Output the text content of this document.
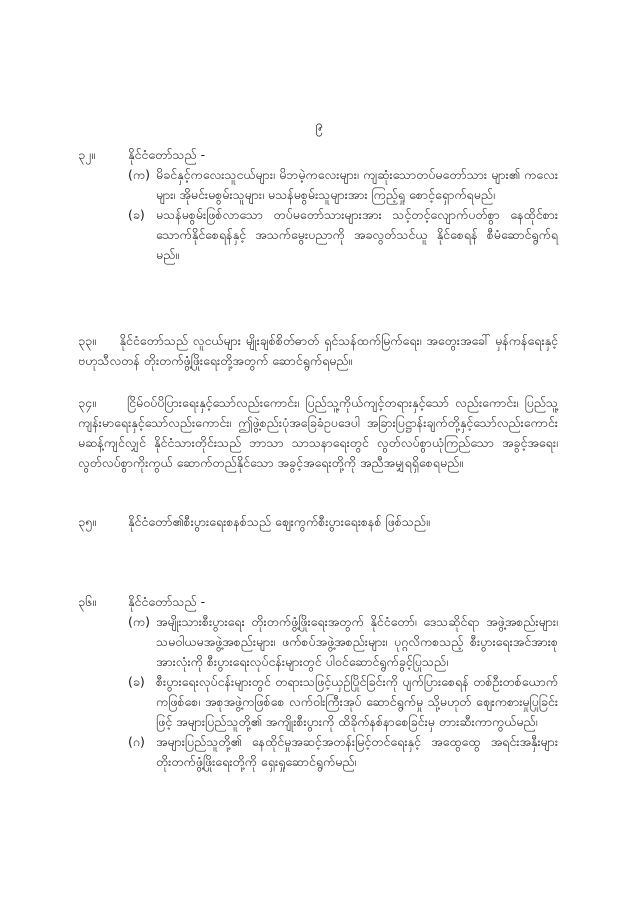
၉
၃၂။	နိုင်ငံတော်သည် -
(က) မိခင်နှင့်ကလေးသူငယ်များ၊ မိဘမဲ့ကလေးများ၊ ကျဆုံးသောတပ်မတော်သား များ၏ ကလေးများ၊ အိုမင်းမစွမ်းသူများ၊ မသန်မစွမ်းသူများအား ကြည့်ရှု စောင့်ရှောက်ရမည်၊
(ခ) မသန်မစွမ်းဖြစ်လာသော တပ်မတော်သားများအား သင့်တင့်လျောက်ပတ်စွာ နေထိုင်စားသောက်နိုင်စေရန်နှင့် အသက်မွေးပညာကို အခလွတ်သင်ယူ နိုင်စေရန် စီမံဆောင်ရွက်ရမည်။
၃၃။ နိုင်ငံတော်သည် လူငယ်များ မျိုးချစ်စိတ်ဓာတ် ရှင်သန်ထက်မြက်ရေး၊ အတွေးအခေါ် မှန်ကန်ရေးနှင့် ဗဟုသီလတန် တိုးတက်ဖွံ့ဖြိုးရေးတို့အတွက် ဆောင်ရွက်ရမည်။
၃၄။ ငြိမ်ဝပ်ပိပြားရေးနှင့်သော်လည်းကောင်း၊ ပြည်သူ့ကိုယ်ကျင့်တရားနှင့်သော် လည်းကောင်း၊ ပြည်သူ့ကျန်းမာရေးနှင့်သော်လည်းကောင်း၊ ဤဖွဲ့စည်းပုံအခြေခံဥပဒေပါ အခြားပြဋ္ဌာန်းချက်တို့နှင့်သော်လည်းကောင်း မဆန့်ကျင်လျှင် နိုင်ငံသားတိုင်းသည် ဘာသာ သာသနာရေးတွင် လွတ်လပ်စွာယုံကြည်သော အခွင့်အရေး၊ လွတ်လပ်စွာကိုးကွယ် ဆောက်တည်နိုင်သော အခွင့်အရေးတို့ကို အညီအမျှရရှိစေရမည်။
၃၅။	နိုင်ငံတော်၏စီးပွားရေးစနစ်သည် ဈေးကွက်စီးပွားရေးစနစ် ဖြစ်သည်။
၃၆။	နိုင်ငံတော်သည် -
(က) အမျိုးသားစီးပွားရေး တိုးတက်ဖွံ့ဖြိုးရေးအတွက် နိုင်ငံတော်၊ ဒေသဆိုင်ရာ အဖွဲ့အစည်းများ၊ သမဝါယမအဖွဲ့အစည်းများ၊ ဖက်စပ်အဖွဲ့အစည်းများ၊ ပုဂ္ဂလိကစသည့် စီးပွားရေးအင်အားစုအားလုံးကို စီးပွားရေးလုပ်ငန်းများတွင် ပါဝင်ဆောင်ရွက်ခွင့်ပြုသည်၊
(ခ) စီးပွားရေးလုပ်ငန်းများတွင် တရားသဖြင့်ယှဉ်ပြိုင်ခြင်းကို ပျက်ပြားစေရန် တစ်ဦးတစ်ယောက်ကဖြစ်စေ၊ အစုအဖွဲ့ကဖြစ်စေ လက်ဝါးကြီးအုပ် ဆောင်ရွက်မှု သို့မဟုတ် ဈေးကစားမှုပြုခြင်းဖြင့် အများပြည်သူတို့၏ အကျိုးစီးပွားကို ထိခိုက်နစ်နာစေခြင်းမှ တားဆီးကာကွယ်မည်၊
(ဂ) အများပြည်သူတို့၏ နေထိုင်မှုအဆင့်အတန်းမြင့်တင်ရေးနှင့် အထွေထွေ အရင်းအနှီးများ တိုးတက်ဖွံ့ဖြိုးရေးတို့ကို ရှေးရှုဆောင်ရွက်မည်၊
